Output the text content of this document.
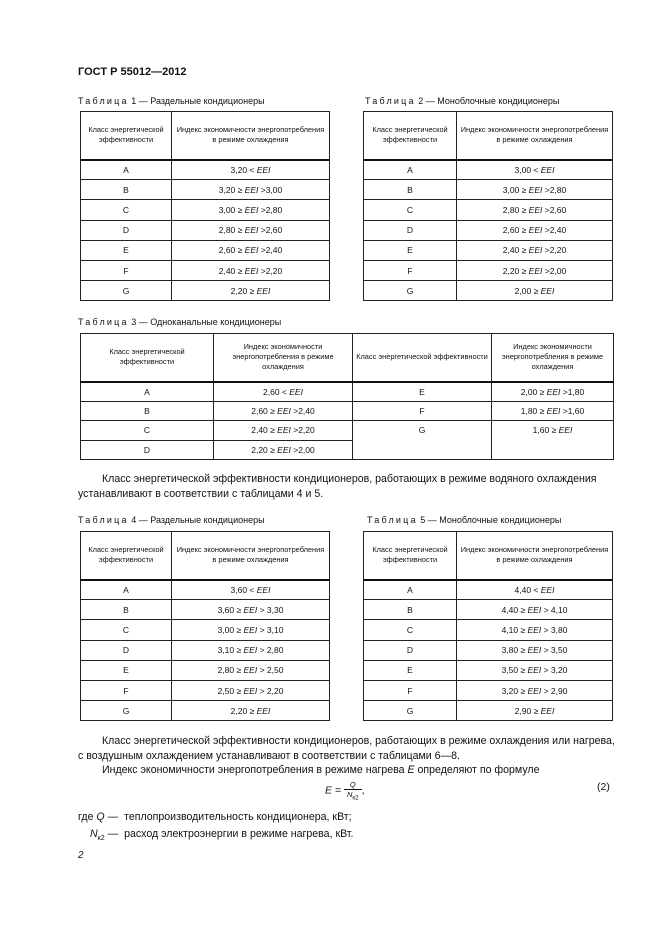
ГОСТ Р 55012—2012
Таблица 1 — Раздельные кондиционеры
Класс энергетической эффективности	Индекс экономичности энергопотребления в режиме охлаждения
A	3,20 < EEI
B	3,20 ≥ EEI >3,00
C	3,00 ≥ EEI >2,80
D	2,80 ≥ EEI >2,60
E	2,60 ≥ EEI >2,40
F	2,40 ≥ EEI >2,20
G	2,20 ≥ EEI
Таблица 2 — Моноблочные кондиционеры
Класс энергетической эффективности	Индекс экономичности энергопотребления в режиме охлаждения
A	3,00 < EEI
B	3,00 ≥ EEI >2,80
C	2,80 ≥ EEI >2,60
D	2,60 ≥ EEI >2,40
E	2,40 ≥ EEI >2,20
F	2,20 ≥ EEI >2,00
G	2,00 ≥ EEI
Таблица 3 — Одноканальные кондиционеры
Класс энергетической эффективности	Индекс экономичности энергопотребления в режиме охлаждения	Класс энергетической эффективности	Индекс экономичности энергопотребления в режиме охлаждения
A	2,60 < EEI	E	2,00 ≥ EEI >1,80
B	2,60 ≥ EEI >2,40	F	1,80 ≥ EEI >1,60
C	2,40 ≥ EEI >2,20	G	1,60 ≥ EEI
D	2,20 ≥ EEI >2,00		
Класс энергетической эффективности кондиционеров, работающих в режиме водяного охлаждения устанавливают в соответствии с таблицами 4 и 5.
Таблица 4 — Раздельные кондиционеры
Класс энергетической эффективности	Индекс экономичности энергопотребления в режиме охлаждения
A	3,60 < EEI
B	3,60 ≥ EEI > 3,30
C	3,00 ≥ EEI > 3,10
D	3,10 ≥ EEI > 2,80
E	2,80 ≥ EEI > 2,50
F	2,50 ≥ EEI > 2,20
G	2,20 ≥ EEI
Таблица 5 — Моноблочные кондиционеры
Класс энергетической эффективности	Индекс экономичности энергопотребления в режиме охлаждения
A	4,40 < EEI
B	4,40 ≥ EEI > 4,10
C	4,10 ≥ EEI > 3,80
D	3,80 ≥ EEI > 3,50
E	3,50 ≥ EEI > 3,20
F	3,20 ≥ EEI > 2,90
G	2,90 ≥ EEI
Класс энергетической эффективности кондиционеров, работающих в режиме охлаждения или нагрева, с воздушным охлаждением устанавливают в соответствии с таблицами 6—8.
Индекс экономичности энергопотребления в режиме нагрева E определяют по формуле
$E = \frac{Q}{N_{к2}}$ ,	(2)
где Q — теплопроизводительность кондиционера, кВт;
$N_{к2}$ — расход электроэнергии в режиме нагрева, кВт.
2
